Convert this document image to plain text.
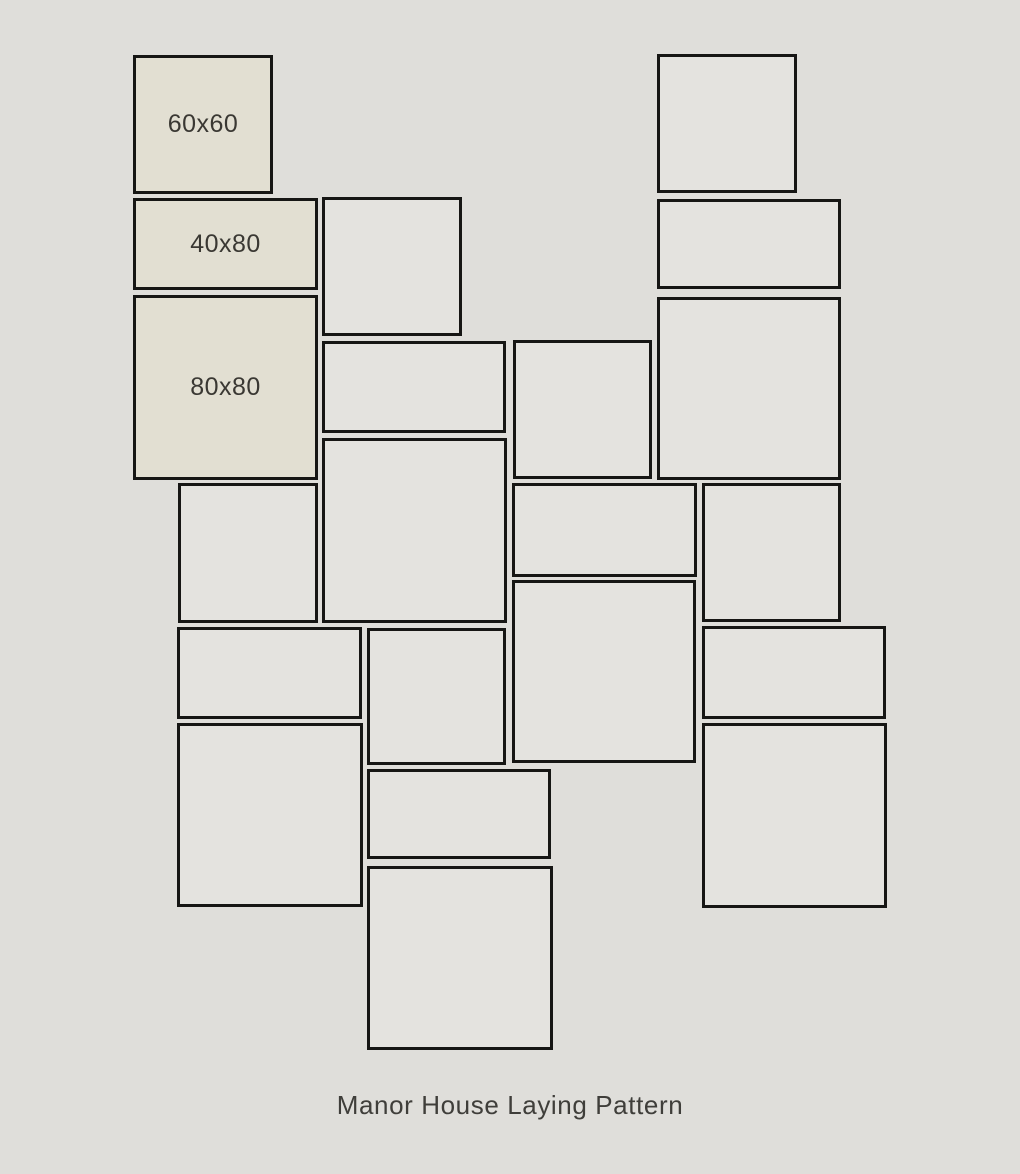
60x60
40x80
80x80
Manor House Laying Pattern
